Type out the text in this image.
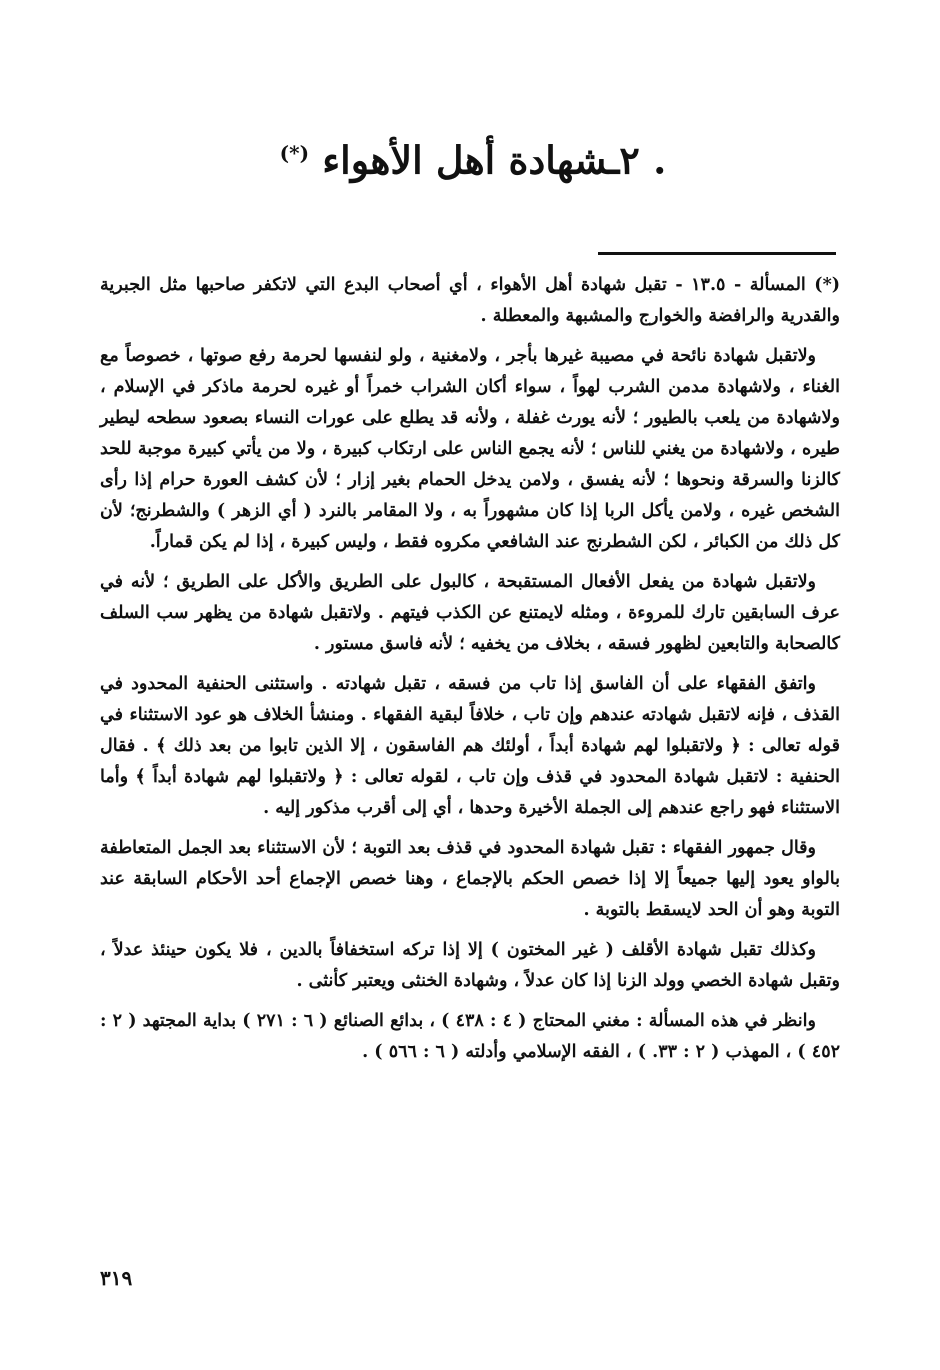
. ٢ـشهادة أهل الأهواء (*)

(*) المسألة - ١٣.٥ - تقبل شهادة أهل الأهواء ، أي أصحاب البدع التي لاتكفر صاحبها مثل الجبرية والقدرية والرافضة والخوارج والمشبهة والمعطلة .

ولاتقبل شهادة نائحة في مصيبة غيرها بأجر ، ولامغنية ، ولو لنفسها لحرمة رفع صوتها ، خصوصاً مع الغناء ، ولاشهادة مدمن الشرب لهواً ، سواء أكان الشراب خمراً أو غيره لحرمة ماذكر في الإسلام ، ولاشهادة من يلعب بالطيور ؛ لأنه يورث غفلة ، ولأنه قد يطلع على عورات النساء بصعود سطحه ليطير طيره ، ولاشهادة من يغني للناس ؛ لأنه يجمع الناس على ارتكاب كبيرة ، ولا من يأتي كبيرة موجبة للحد كالزنا والسرقة ونحوها ؛ لأنه يفسق ، ولامن يدخل الحمام بغير إزار ؛ لأن كشف العورة حرام إذا رأى الشخص غيره ، ولامن يأكل الربا إذا كان مشهوراً به ، ولا المقامر بالنرد ( أي الزهر ) والشطرنج؛ لأن كل ذلك من الكبائر ، لكن الشطرنج عند الشافعي مكروه فقط ، وليس كبيرة ، إذا لم يكن قماراً.

ولاتقبل شهادة من يفعل الأفعال المستقبحة ، كالبول على الطريق والأكل على الطريق ؛ لأنه في عرف السابقين تارك للمروءة ، ومثله لايمتنع عن الكذب فيتهم . ولاتقبل شهادة من يظهر سب السلف كالصحابة والتابعين لظهور فسقه ، بخلاف من يخفيه ؛ لأنه فاسق مستور .

واتفق الفقهاء على أن الفاسق إذا تاب من فسقه ، تقبل شهادته . واستثنى الحنفية المحدود في القذف ، فإنه لاتقبل شهادته عندهم وإن تاب ، خلافاً لبقية الفقهاء . ومنشأ الخلاف هو عود الاستثناء في قوله تعالى : ﴿ ولاتقبلوا لهم شهادة أبداً ، أولئك هم الفاسقون ، إلا الذين تابوا من بعد ذلك ﴾ . فقال الحنفية : لاتقبل شهادة المحدود في قذف وإن تاب ، لقوله تعالى : ﴿ ولاتقبلوا لهم شهادة أبداً ﴾ وأما الاستثناء فهو راجع عندهم إلى الجملة الأخيرة وحدها ، أي إلى أقرب مذكور إليه .

وقال جمهور الفقهاء : تقبل شهادة المحدود في قذف بعد التوبة ؛ لأن الاستثناء بعد الجمل المتعاطفة بالواو يعود إليها جميعاً إلا إذا خصص الحكم بالإجماع ، وهنا خصص الإجماع أحد الأحكام السابقة عند التوبة وهو أن الحد لايسقط بالتوبة .

وكذلك تقبل شهادة الأقلف ( غير المختون ) إلا إذا تركه استخفافاً بالدين ، فلا يكون حينئذ عدلاً ، وتقبل شهادة الخصي وولد الزنا إذا كان عدلاً ، وشهادة الخنثى ويعتبر كأنثى .

وانظر في هذه المسألة : مغني المحتاج ( ٤ : ٤٣٨ ) ، بدائع الصنائع ( ٦ : ٢٧١ ) بداية المجتهد ( ٢ : ٤٥٢ ) ، المهذب ( ٢ : ٣٣. ) ، الفقه الإسلامي وأدلته ( ٦ : ٥٦٦ ) .

٣١٩
